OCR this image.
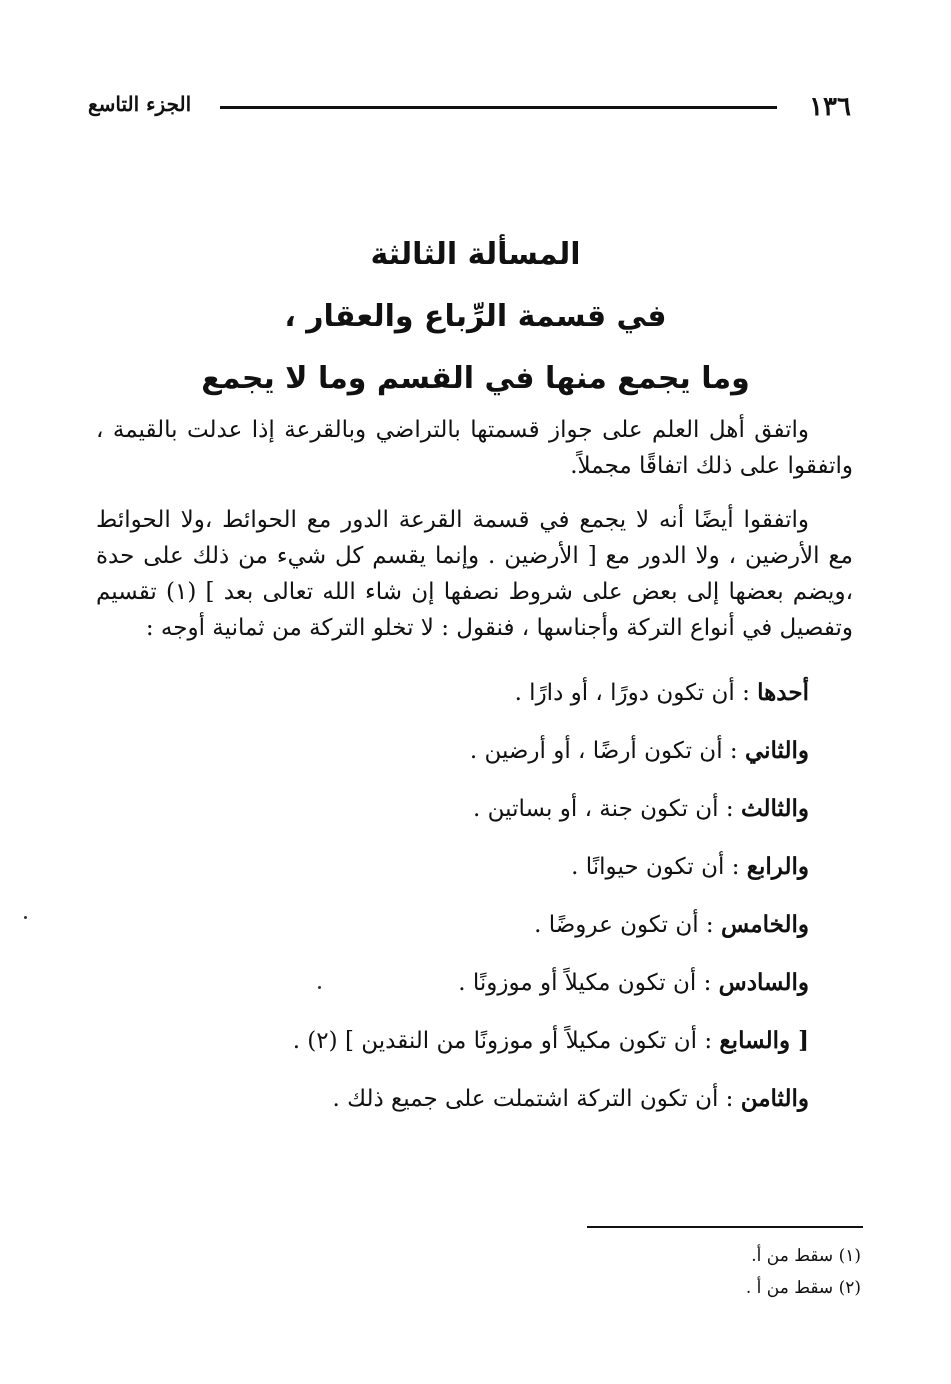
١٣٦
الجزء التاسع
المسألة الثالثة
في قسمة الرِّباع والعقار ،
وما يجمع منها في القسم وما لا يجمع

واتفق أهل العلم على جواز قسمتها بالتراضي وبالقرعة إذا عدلت بالقيمة ، واتفقوا على ذلك اتفاقًا مجملاً.

واتفقوا أيضًا أنه لا يجمع في قسمة القرعة الدور مع الحوائط ،ولا الحوائط مع الأرضين ، ولا الدور مع [ الأرضين . وإنما يقسم كل شيء من ذلك على حدة ،ويضم بعضها إلى بعض على شروط نصفها إن شاء الله تعالى بعد ] (١) تقسيم وتفصيل في أنواع التركة وأجناسها ، فنقول : لا تخلو التركة من ثمانية أوجه :

أحدها : أن تكون دورًا ، أو دارًا .
والثاني : أن تكون أرضًا ، أو أرضين .
والثالث : أن تكون جنة ، أو بساتين .
والرابع : أن تكون حيوانًا .
والخامس : أن تكون عروضًا .
والسادس : أن تكون مكيلاً أو موزونًا .
[ والسابع : أن تكون مكيلاً أو موزونًا من النقدين ] (٢) .
والثامن : أن تكون التركة اشتملت على جميع ذلك .
(١) سقط من أ.
(٢) سقط من أ .
